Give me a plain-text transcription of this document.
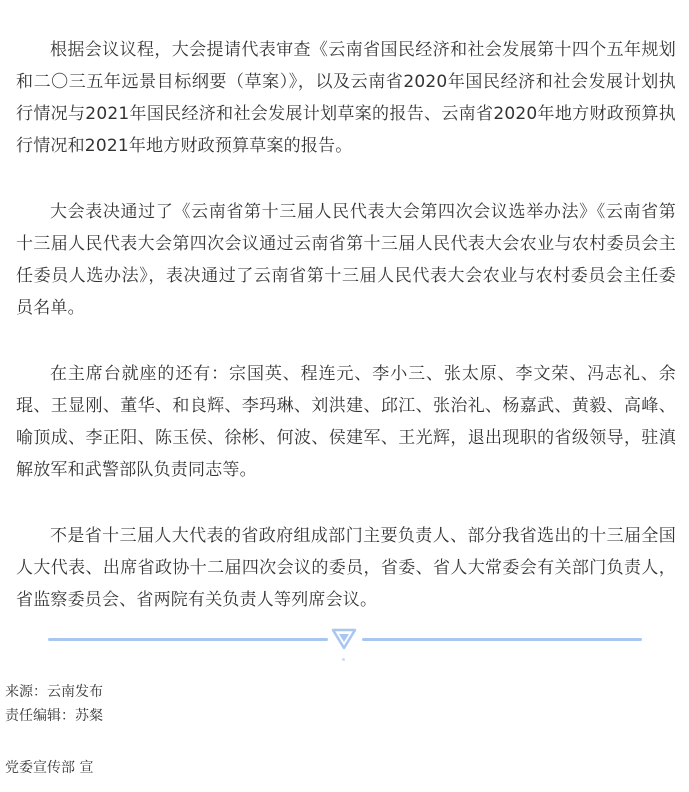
根据会议议程，大会提请代表审查《云南省国民经济和社会发展第十四个五年规划和二〇三五年远景目标纲要（草案）》，以及云南省2020年国民经济和社会发展计划执行情况与2021年国民经济和社会发展计划草案的报告、云南省2020年地方财政预算执行情况和2021年地方财政预算草案的报告。

大会表决通过了《云南省第十三届人民代表大会第四次会议选举办法》《云南省第十三届人民代表大会第四次会议通过云南省第十三届人民代表大会农业与农村委员会主任委员人选办法》，表决通过了云南省第十三届人民代表大会农业与农村委员会主任委员名单。

在主席台就座的还有：宗国英、程连元、李小三、张太原、李文荣、冯志礼、余琨、王显刚、董华、和良辉、李玛琳、刘洪建、邱江、张治礼、杨嘉武、黄毅、高峰、喻顶成、李正阳、陈玉侯、徐彬、何波、侯建军、王光辉，退出现职的省级领导，驻滇解放军和武警部队负责同志等。

不是省十三届人大代表的省政府组成部门主要负责人、部分我省选出的十三届全国人大代表、出席省政协十二届四次会议的委员，省委、省人大常委会有关部门负责人，省监察委员会、省两院有关负责人等列席会议。

来源：云南发布
责任编辑：苏粲
党委宣传部 宣
